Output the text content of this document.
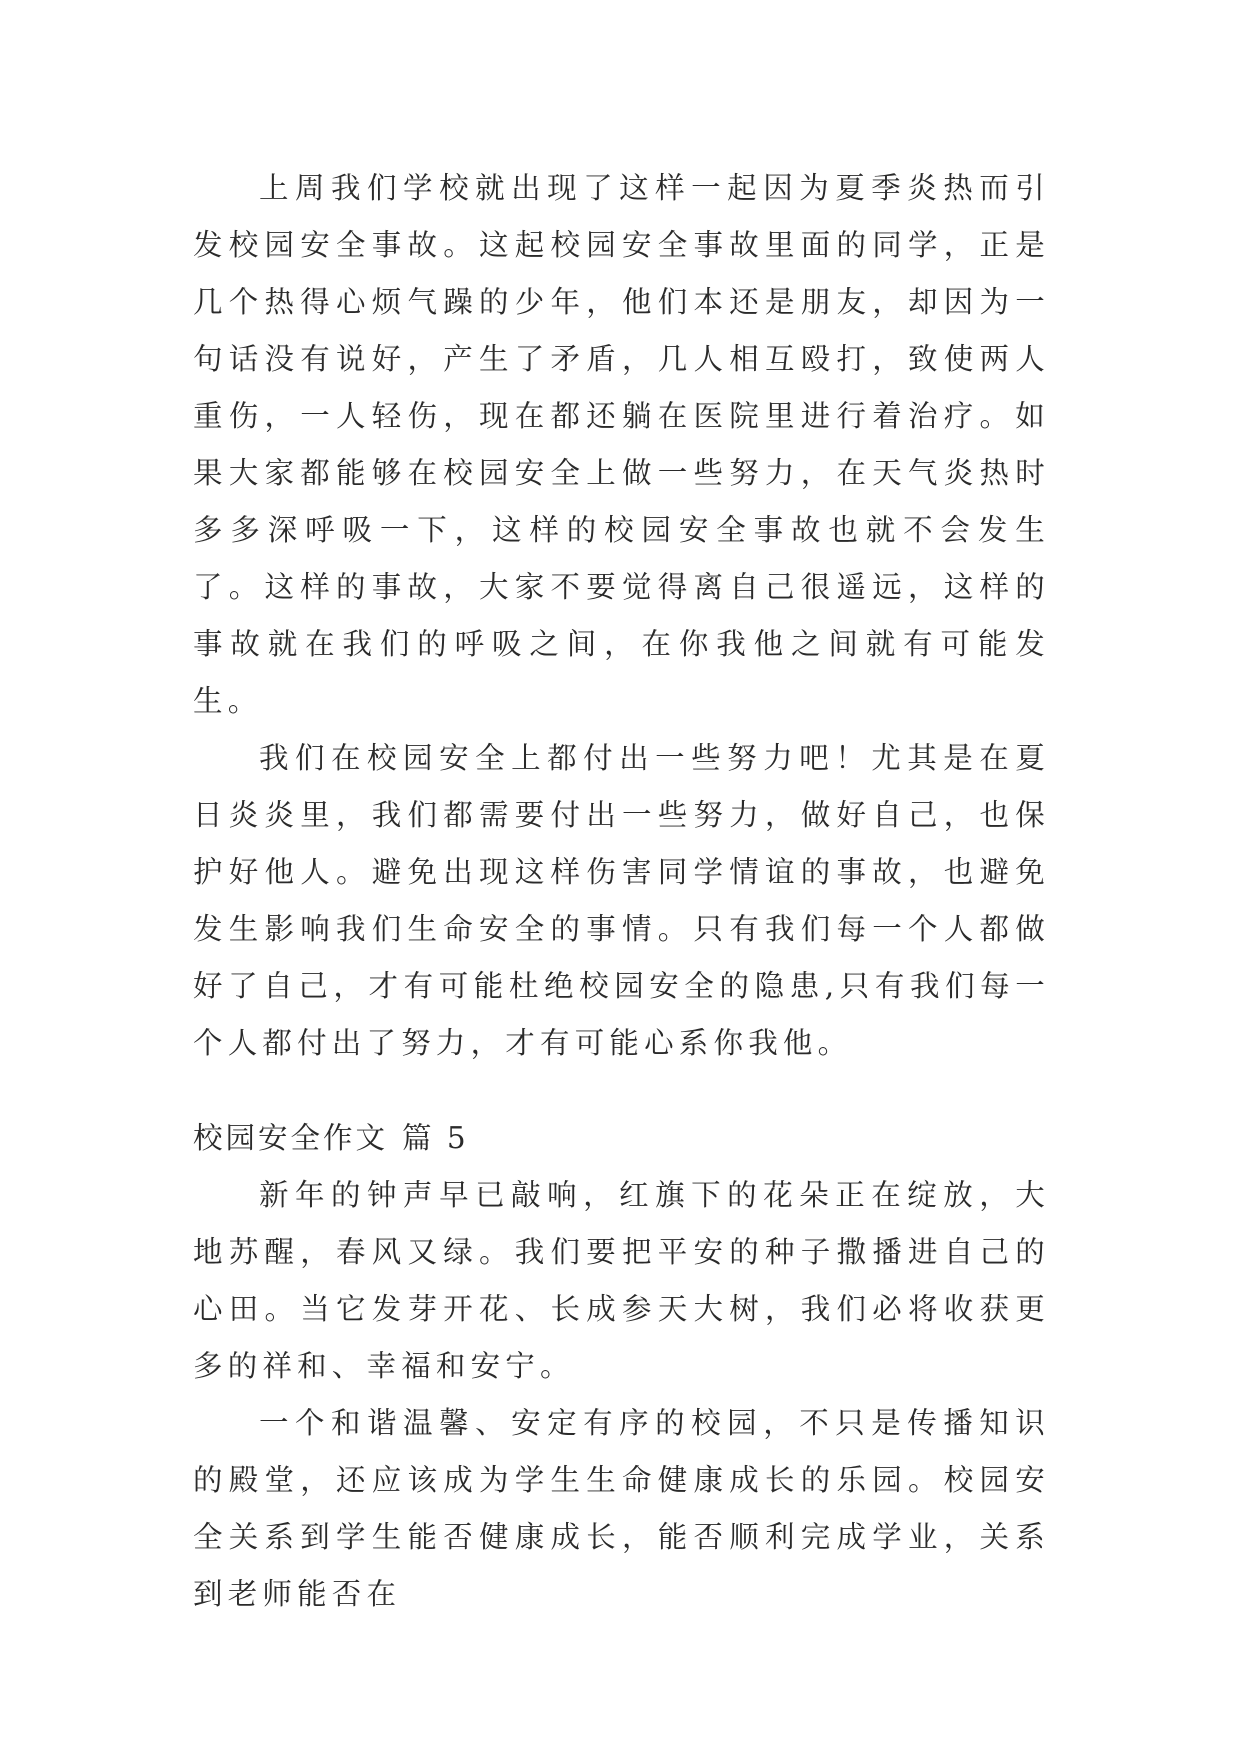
上周我们学校就出现了这样一起因为夏季炎热而引发校园安全事故。这起校园安全事故里面的同学，正是几个热得心烦气躁的少年，他们本还是朋友，却因为一句话没有说好，产生了矛盾，几人相互殴打，致使两人重伤，一人轻伤，现在都还躺在医院里进行着治疗。如果大家都能够在校园安全上做一些努力，在天气炎热时多多深呼吸一下，这样的校园安全事故也就不会发生了。这样的事故，大家不要觉得离自己很遥远，这样的事故就在我们的呼吸之间，在你我他之间就有可能发生。

我们在校园安全上都付出一些努力吧！尤其是在夏日炎炎里，我们都需要付出一些努力，做好自己，也保护好他人。避免出现这样伤害同学情谊的事故，也避免发生影响我们生命安全的事情。只有我们每一个人都做好了自己，才有可能杜绝校园安全的隐患,只有我们每一个人都付出了努力，才有可能心系你我他。

校园安全作文 篇 5

新年的钟声早已敲响，红旗下的花朵正在绽放，大地苏醒，春风又绿。我们要把平安的种子撒播进自己的心田。当它发芽开花、长成参天大树，我们必将收获更多的祥和、幸福和安宁。

一个和谐温馨、安定有序的校园，不只是传播知识的殿堂，还应该成为学生生命健康成长的乐园。校园安全关系到学生能否健康成长，能否顺利完成学业，关系到老师能否在
